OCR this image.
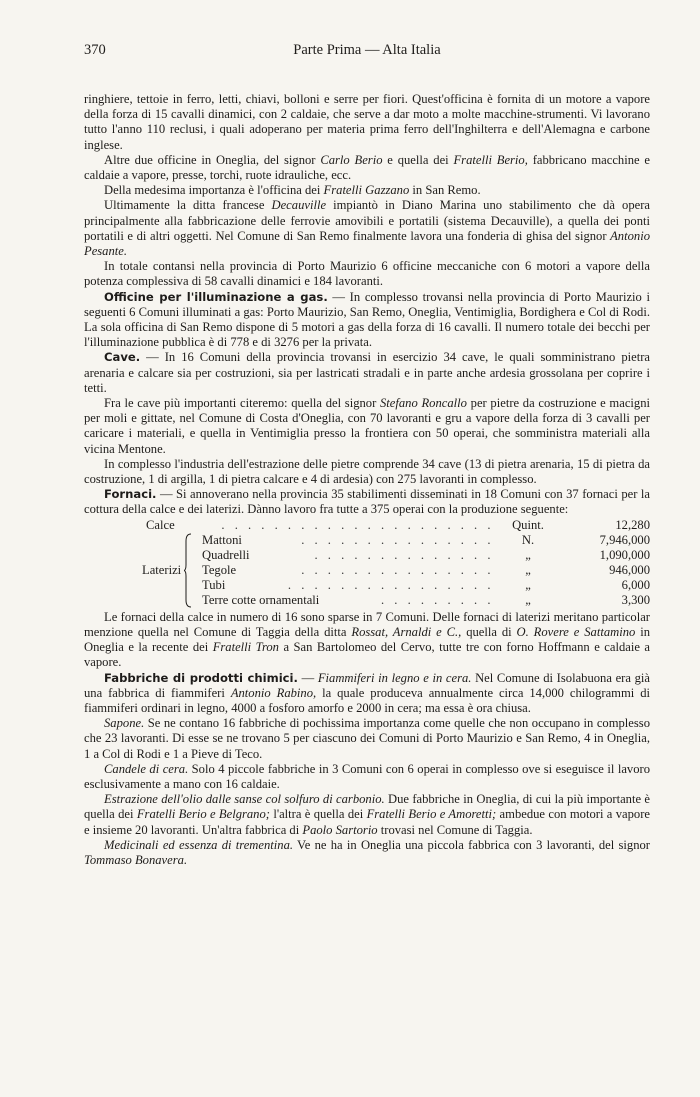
370	Parte Prima — Alta Italia

ringhiere, tettoie in ferro, letti, chiavi, bolloni e serre per fiori. Quest'officina è fornita di un motore a vapore della forza di 15 cavalli dinamici, con 2 caldaie, che serve a dar moto a molte macchine-strumenti. Vi lavorano tutto l'anno 110 reclusi, i quali adoperano per materia prima ferro dell'Inghilterra e dell'Alemagna e carbone inglese.

Altre due officine in Oneglia, del signor Carlo Berio e quella dei Fratelli Berio, fabbricano macchine e caldaie a vapore, presse, torchi, ruote idrauliche, ecc.

Della medesima importanza è l'officina dei Fratelli Gazzano in San Remo.

Ultimamente la ditta francese Decauville impiantò in Diano Marina uno stabilimento che dà opera principalmente alla fabbricazione delle ferrovie amovibili e portatili (sistema Decauville), a quella dei ponti portatili e di altri oggetti. Nel Comune di San Remo finalmente lavora una fonderia di ghisa del signor Antonio Pesante.

In totale contansi nella provincia di Porto Maurizio 6 officine meccaniche con 6 motori a vapore della potenza complessiva di 58 cavalli dinamici e 184 lavoranti.

Officine per l'illuminazione a gas. — In complesso trovansi nella provincia di Porto Maurizio i seguenti 6 Comuni illuminati a gas: Porto Maurizio, San Remo, Oneglia, Ventimiglia, Bordighera e Col di Rodi. La sola officina di San Remo dispone di 5 motori a gas della forza di 16 cavalli. Il numero totale dei becchi per l'illuminazione pubblica è di 778 e di 3276 per la privata.

Cave. — In 16 Comuni della provincia trovansi in esercizio 34 cave, le quali somministrano pietra arenaria e calcare sia per costruzioni, sia per lastricati stradali e in parte anche ardesia grossolana per coprire i tetti.

Fra le cave più importanti citeremo: quella del signor Stefano Roncallo per pietre da costruzione e macigni per moli e gittate, nel Comune di Costa d'Oneglia, con 70 lavoranti e gru a vapore della forza di 3 cavalli per caricare i materiali, e quella in Ventimiglia presso la frontiera con 50 operai, che somministra materiali alla vicina Mentone.

In complesso l'industria dell'estrazione delle pietre comprende 34 cave (13 di pietra arenaria, 15 di pietra da costruzione, 1 di argilla, 1 di pietra calcare e 4 di ardesia) con 275 lavoranti in complesso.

Fornaci. — Si annoverano nella provincia 35 stabilimenti disseminati in 18 Comuni con 37 fornaci per la cottura della calce e dei laterizi. Dànno lavoro fra tutte a 375 operai con la produzione seguente:

Calce	. . . . . . . . . . . . . . . . . . . . .	Quint.	12,280
Laterizi
Mattoni	. . . . . . . . . . . . . . .	N.	7,946,000
Quadrelli	. . . . . . . . . . . . . .	„	1,090,000
Tegole	. . . . . . . . . . . . . . .	„	946,000
Tubi	. . . . . . . . . . . . . . . .	„	6,000
Terre cotte ornamentali	. . . . . . . . .	„	3,300

Le fornaci della calce in numero di 16 sono sparse in 7 Comuni. Delle fornaci di laterizi meritano particolar menzione quella nel Comune di Taggia della ditta Rossat, Arnaldi e C., quella di O. Rovere e Sattamino in Oneglia e la recente dei Fratelli Tron a San Bartolomeo del Cervo, tutte tre con forno Hoffmann e caldaie a vapore.

Fabbriche di prodotti chimici. — Fiammiferi in legno e in cera. Nel Comune di Isolabuona era già una fabbrica di fiammiferi Antonio Rabino, la quale produceva annualmente circa 14,000 chilogrammi di fiammiferi ordinari in legno, 4000 a fosforo amorfo e 2000 in cera; ma essa è ora chiusa.

Sapone. Se ne contano 16 fabbriche di pochissima importanza come quelle che non occupano in complesso che 23 lavoranti. Di esse se ne trovano 5 per ciascuno dei Comuni di Porto Maurizio e San Remo, 4 in Oneglia, 1 a Col di Rodi e 1 a Pieve di Teco.

Candele di cera. Solo 4 piccole fabbriche in 3 Comuni con 6 operai in complesso ove si eseguisce il lavoro esclusivamente a mano con 16 caldaie.

Estrazione dell'olio dalle sanse col solfuro di carbonio. Due fabbriche in Oneglia, di cui la più importante è quella dei Fratelli Berio e Belgrano; l'altra è quella dei Fratelli Berio e Amoretti; ambedue con motori a vapore e insieme 20 lavoranti. Un'altra fabbrica di Paolo Sartorio trovasi nel Comune di Taggia.

Medicinali ed essenza di trementina. Ve ne ha in Oneglia una piccola fabbrica con 3 lavoranti, del signor Tommaso Bonavera.
